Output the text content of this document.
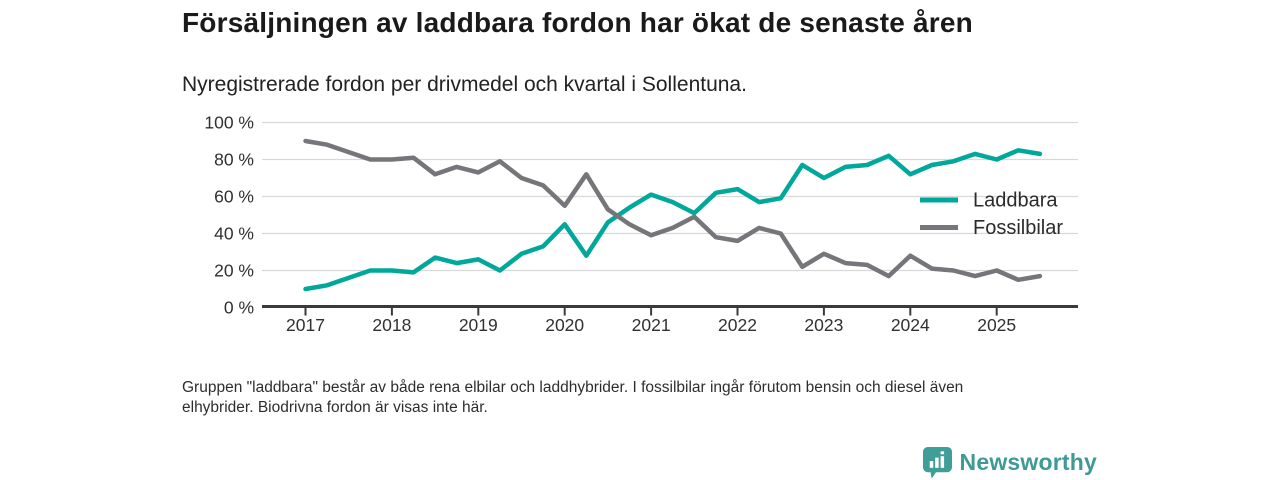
Försäljningen av laddbara fordon har ökat de senaste åren
Nyregistrerade fordon per drivmedel och kvartal i Sollentuna.
0 %
20 %
40 %
60 %
80 %
100 %
2017	2018	2019	2020	2021	2022	2023	2024	2025
Laddbara
Fossilbilar
Gruppen "laddbara" består av både rena elbilar och laddhybrider. I fossilbilar ingår förutom bensin och diesel även
elhybrider. Biodrivna fordon är visas inte här.
Newsworthy
